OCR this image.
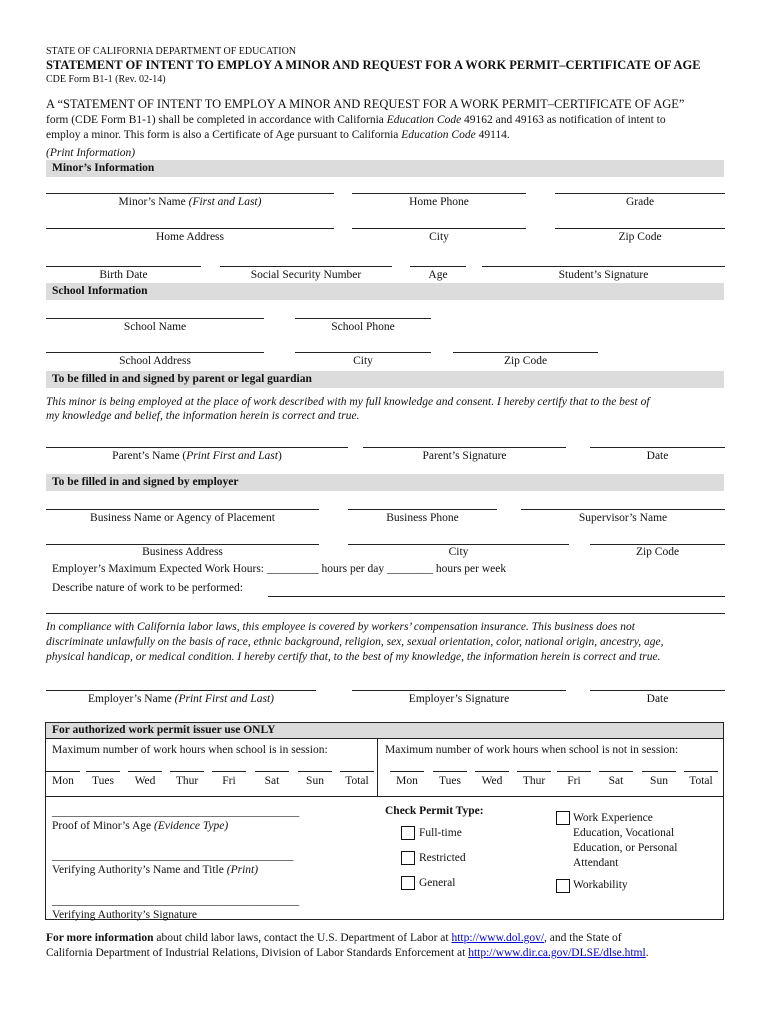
STATE OF CALIFORNIA DEPARTMENT OF EDUCATION
STATEMENT OF INTENT TO EMPLOY A MINOR AND REQUEST FOR A WORK PERMIT–CERTIFICATE OF AGE
CDE Form B1-1 (Rev. 02-14)
A “STATEMENT OF INTENT TO EMPLOY A MINOR AND REQUEST FOR A WORK PERMIT–CERTIFICATE OF AGE”
form (CDE Form B1-1) shall be completed in accordance with California Education Code 49162 and 49163 as notification of intent to
employ a minor. This form is also a Certificate of Age pursuant to California Education Code 49114.
(Print Information)
Minor’s Information
Minor’s Name (First and Last)	Home Phone	Grade
Home Address	City	Zip Code
Birth Date	Social Security Number	Age	Student’s Signature
School Information
School Name	School Phone
School Address	City	Zip Code
To be filled in and signed by parent or legal guardian
This minor is being employed at the place of work described with my full knowledge and consent. I hereby certify that to the best of
my knowledge and belief, the information herein is correct and true.
Parent’s Name (Print First and Last)	Parent’s Signature	Date
To be filled in and signed by employer
Business Name or Agency of Placement	Business Phone	Supervisor’s Name
Business Address	City	Zip Code
Employer’s Maximum Expected Work Hours: _________ hours per day ________ hours per week
Describe nature of work to be performed:
In compliance with California labor laws, this employee is covered by workers’ compensation insurance. This business does not
discriminate unlawfully on the basis of race, ethnic background, religion, sex, sexual orientation, color, national origin, ancestry, age,
physical handicap, or medical condition. I hereby certify that, to the best of my knowledge, the information herein is correct and true.
Employer’s Name (Print First and Last)	Employer’s Signature	Date
For authorized work permit issuer use ONLY
Maximum number of work hours when school is in session:	Maximum number of work hours when school is not in session:
Mon	Tues	Wed	Thur	Fri	Sat	Sun	Total	Mon	Tues	Wed	Thur	Fri	Sat	Sun	Total
___________________________________________
Proof of Minor’s Age (Evidence Type)
__________________________________________
Verifying Authority’s Name and Title (Print)
___________________________________________
Verifying Authority’s Signature
Check Permit Type:
Full-time
Restricted
General
Work Experience
Education, Vocational
Education, or Personal
Attendant
Workability
For more information about child labor laws, contact the U.S. Department of Labor at http://www.dol.gov/, and the State of
California Department of Industrial Relations, Division of Labor Standards Enforcement at http://www.dir.ca.gov/DLSE/dlse.html.
